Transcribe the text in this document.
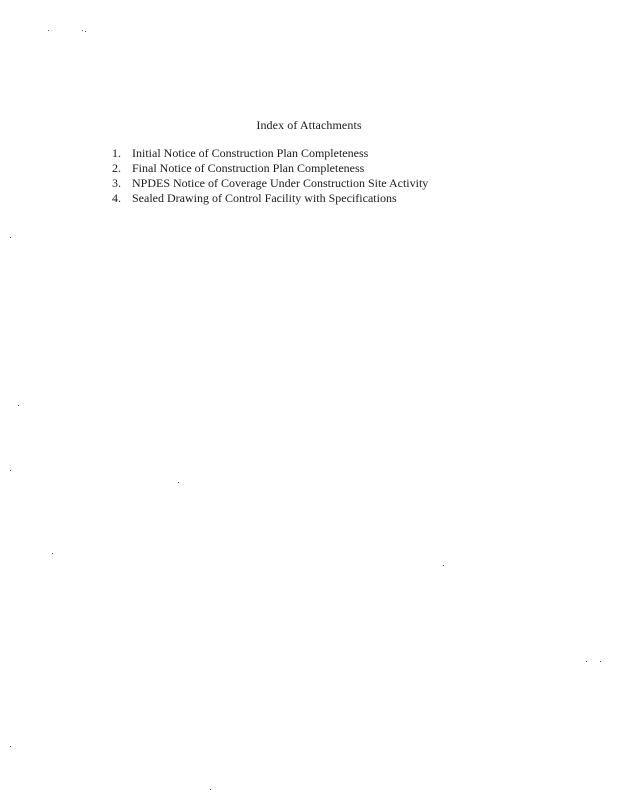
Index of Attachments
1. Initial Notice of Construction Plan Completeness
2. Final Notice of Construction Plan Completeness
3. NPDES Notice of Coverage Under Construction Site Activity
4. Sealed Drawing of Control Facility with Specifications
